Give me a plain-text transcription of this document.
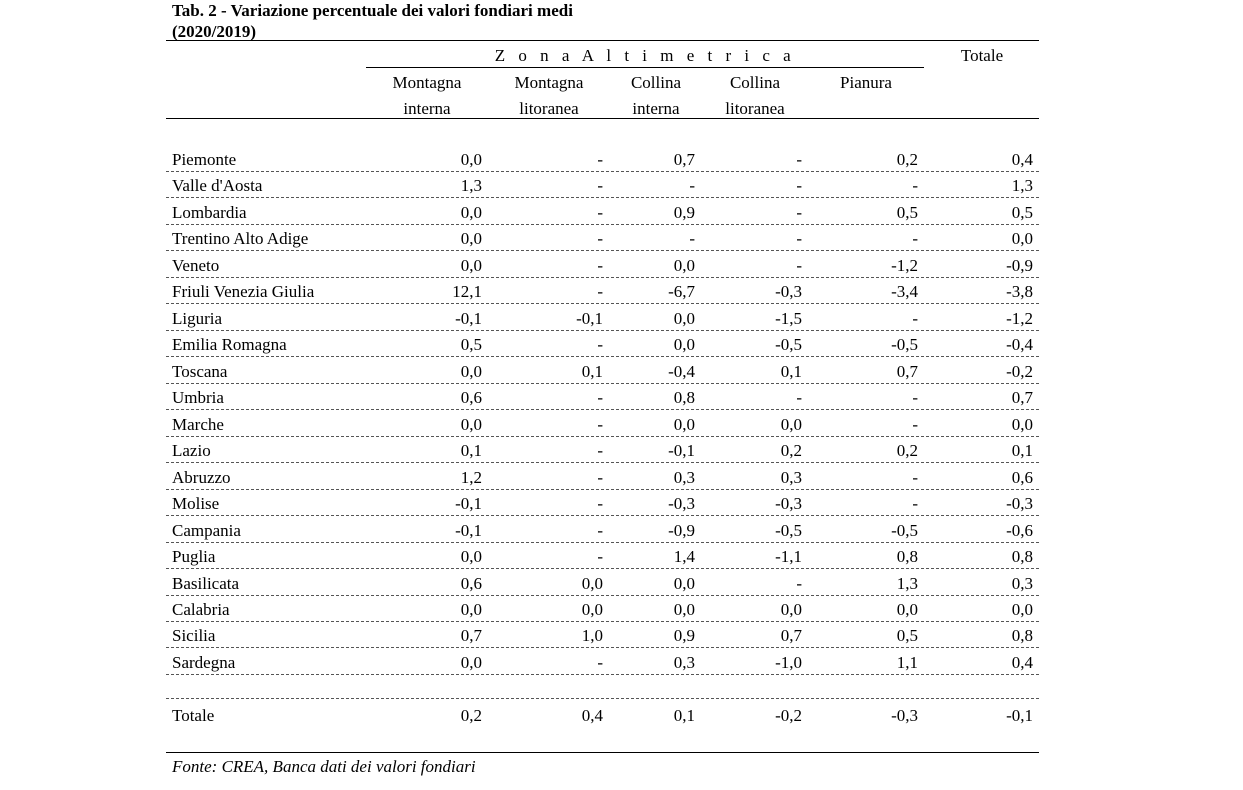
Tab. 2 - Variazione percentuale dei valori fondiari medi
(2020/2019)
Z o n a A l t i m e t r i c a
Montagna
interna
Montagna
litoranea
Collina
interna
Collina
litoranea
Pianura
Totale
Piemonte	0,0	-	0,7	-	0,2	0,4
Valle d'Aosta	1,3	-	-	-	-	1,3
Lombardia	0,0	-	0,9	-	0,5	0,5
Trentino Alto Adige	0,0	-	-	-	-	0,0
Veneto	0,0	-	0,0	-	-1,2	-0,9
Friuli Venezia Giulia	12,1	-	-6,7	-0,3	-3,4	-3,8
Liguria	-0,1	-0,1	0,0	-1,5	-	-1,2
Emilia Romagna	0,5	-	0,0	-0,5	-0,5	-0,4
Toscana	0,0	0,1	-0,4	0,1	0,7	-0,2
Umbria	0,6	-	0,8	-	-	0,7
Marche	0,0	-	0,0	0,0	-	0,0
Lazio	0,1	-	-0,1	0,2	0,2	0,1
Abruzzo	1,2	-	0,3	0,3	-	0,6
Molise	-0,1	-	-0,3	-0,3	-	-0,3
Campania	-0,1	-	-0,9	-0,5	-0,5	-0,6
Puglia	0,0	-	1,4	-1,1	0,8	0,8
Basilicata	0,6	0,0	0,0	-	1,3	0,3
Calabria	0,0	0,0	0,0	0,0	0,0	0,0
Sicilia	0,7	1,0	0,9	0,7	0,5	0,8
Sardegna	0,0	-	0,3	-1,0	1,1	0,4
Totale	0,2	0,4	0,1	-0,2	-0,3	-0,1
Fonte: CREA, Banca dati dei valori fondiari
